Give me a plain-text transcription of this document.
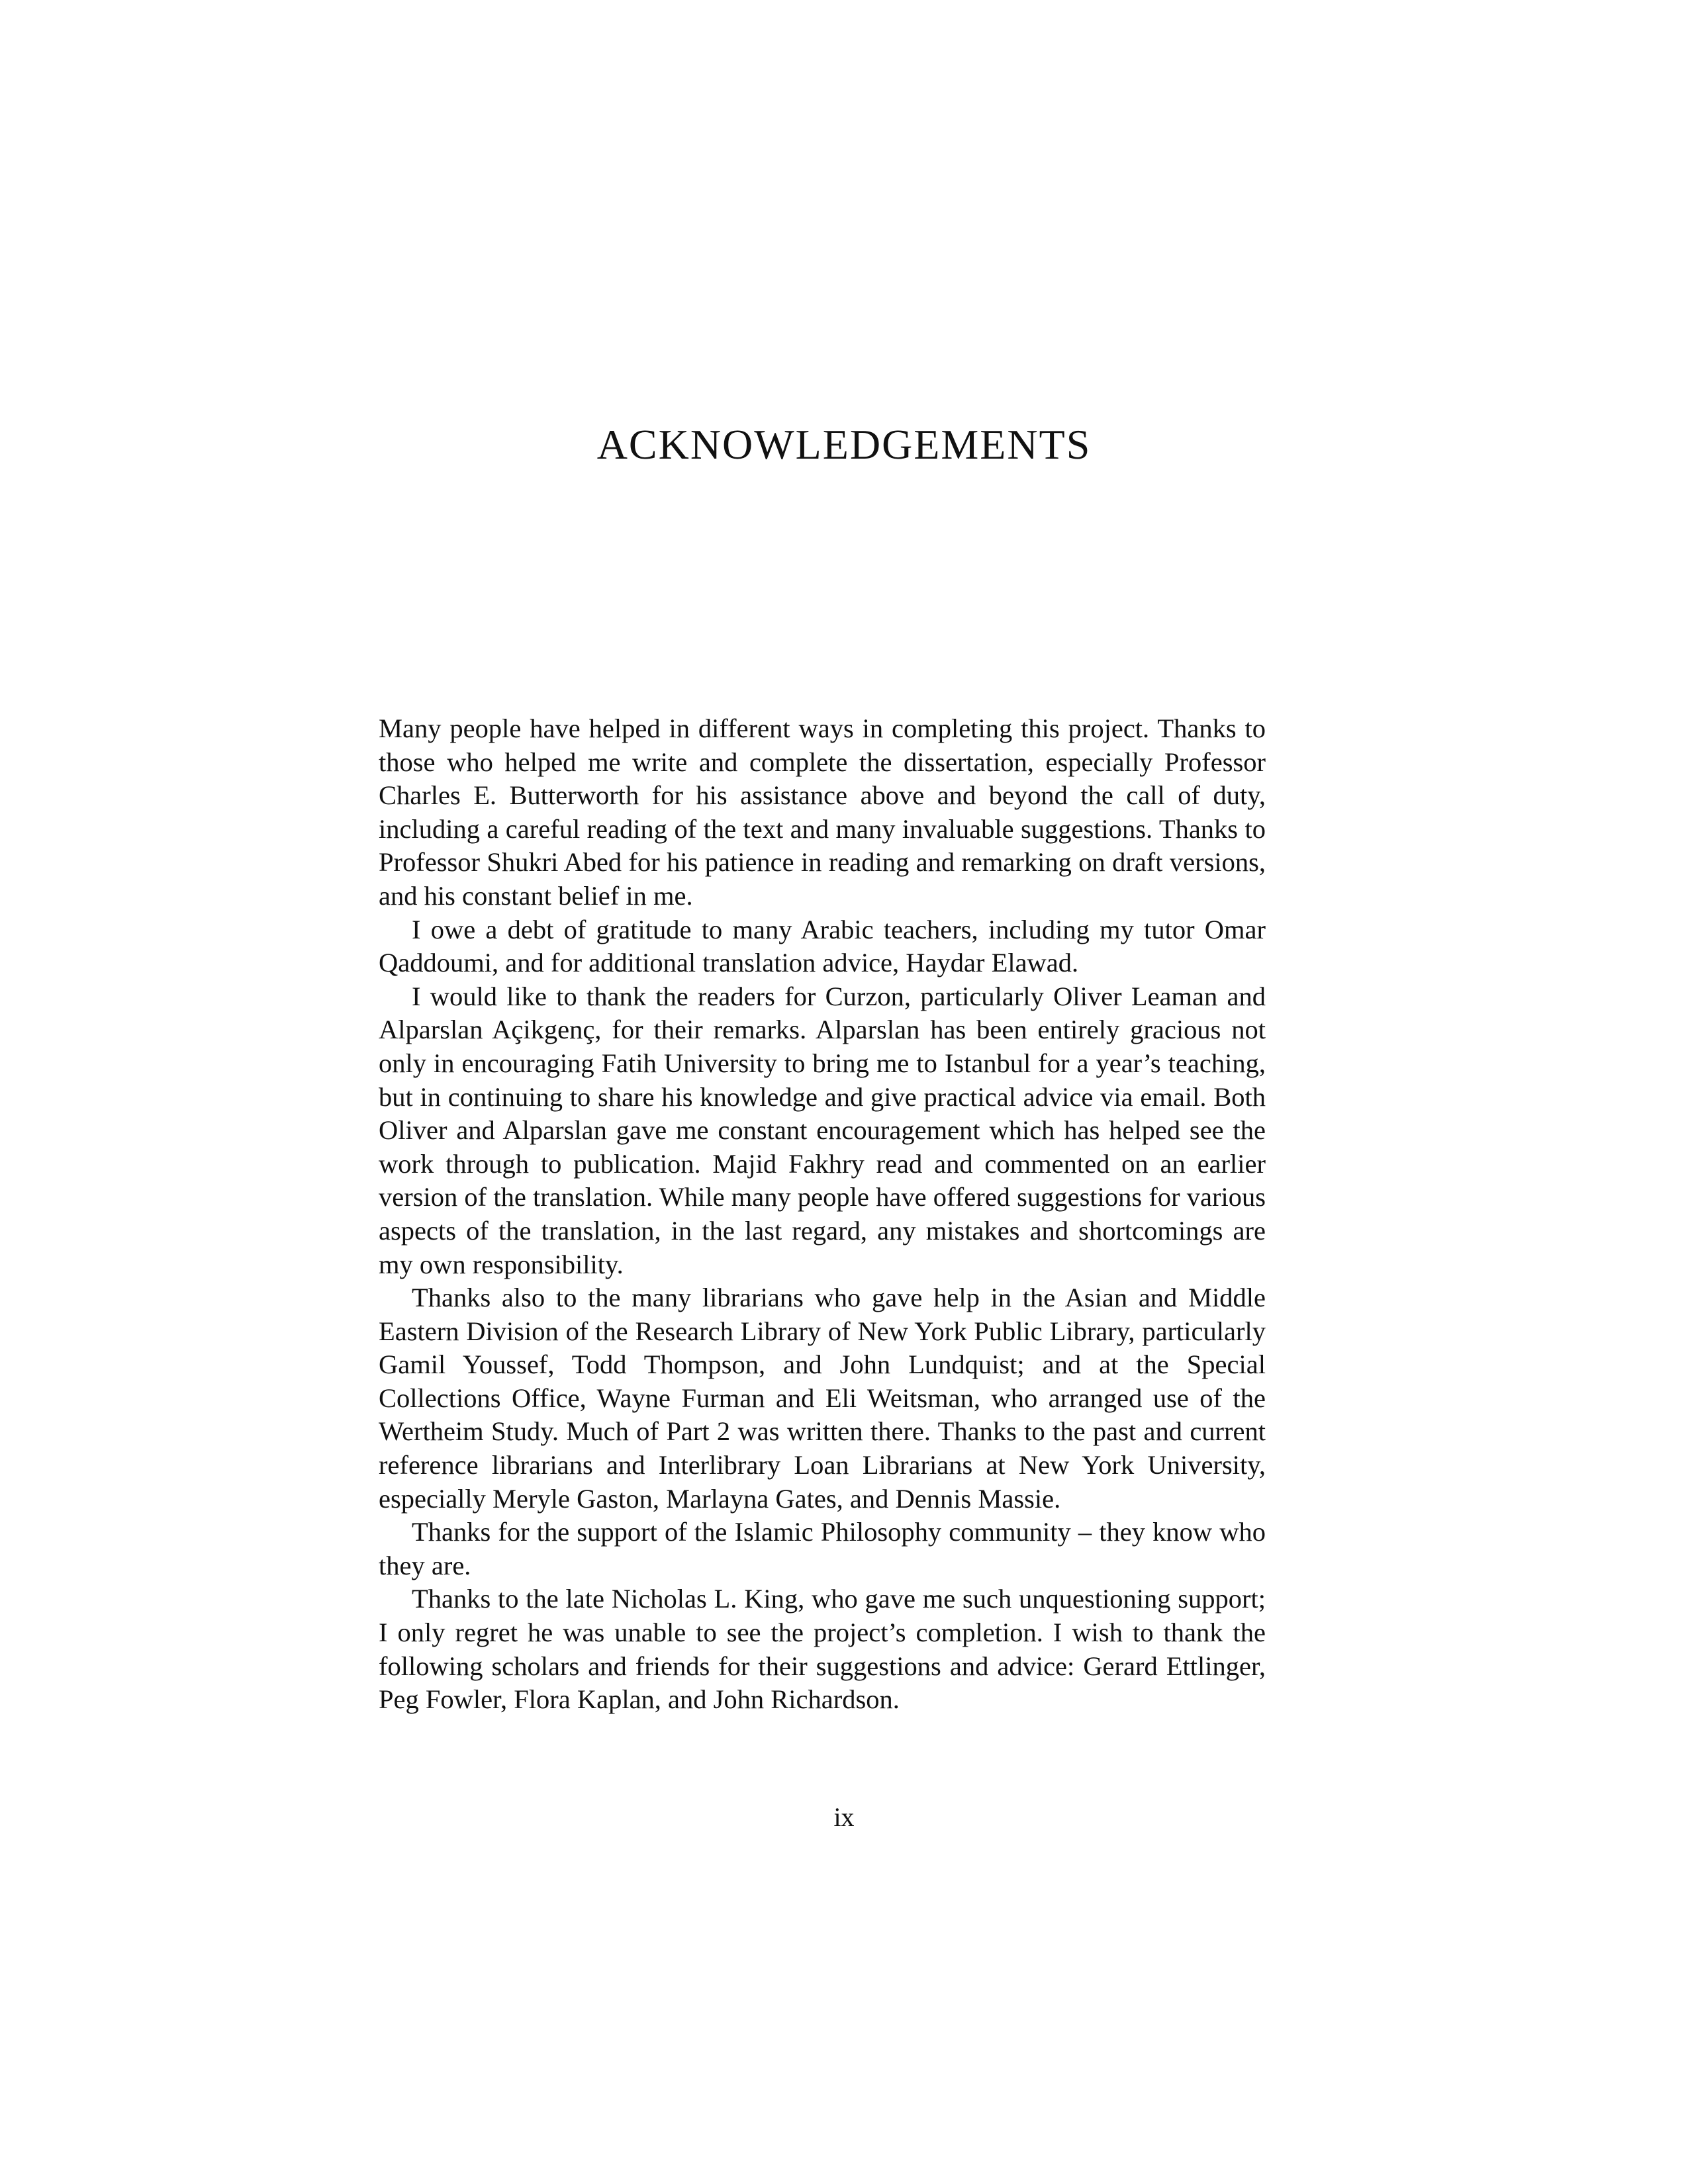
ACKNOWLEDGEMENTS

Many people have helped in different ways in completing this project. Thanks to those who helped me write and complete the dissertation, especially Professor Charles E. Butterworth for his assistance above and beyond the call of duty, including a careful reading of the text and many invaluable suggestions. Thanks to Professor Shukri Abed for his patience in reading and remarking on draft versions, and his constant belief in me.

I owe a debt of gratitude to many Arabic teachers, including my tutor Omar Qaddoumi, and for additional translation advice, Haydar Elawad.

I would like to thank the readers for Curzon, particularly Oliver Leaman and Alparslan Açikgenç, for their remarks. Alparslan has been entirely gracious not only in encouraging Fatih University to bring me to Istanbul for a year’s teaching, but in continuing to share his knowledge and give practical advice via email. Both Oliver and Alparslan gave me constant encouragement which has helped see the work through to publication. Majid Fakhry read and commented on an earlier version of the translation. While many people have offered suggestions for various aspects of the translation, in the last regard, any mistakes and shortcomings are my own responsibility.

Thanks also to the many librarians who gave help in the Asian and Middle Eastern Division of the Research Library of New York Public Library, particularly Gamil Youssef, Todd Thompson, and John Lundquist; and at the Special Collections Office, Wayne Furman and Eli Weitsman, who arranged use of the Wertheim Study. Much of Part 2 was written there. Thanks to the past and current reference librarians and Interlibrary Loan Librarians at New York University, especially Meryle Gaston, Marlayna Gates, and Dennis Massie.

Thanks for the support of the Islamic Philosophy community – they know who they are.

Thanks to the late Nicholas L. King, who gave me such unquestioning support; I only regret he was unable to see the project’s completion. I wish to thank the following scholars and friends for their suggestions and advice: Gerard Ettlinger, Peg Fowler, Flora Kaplan, and John Richardson.

ix
